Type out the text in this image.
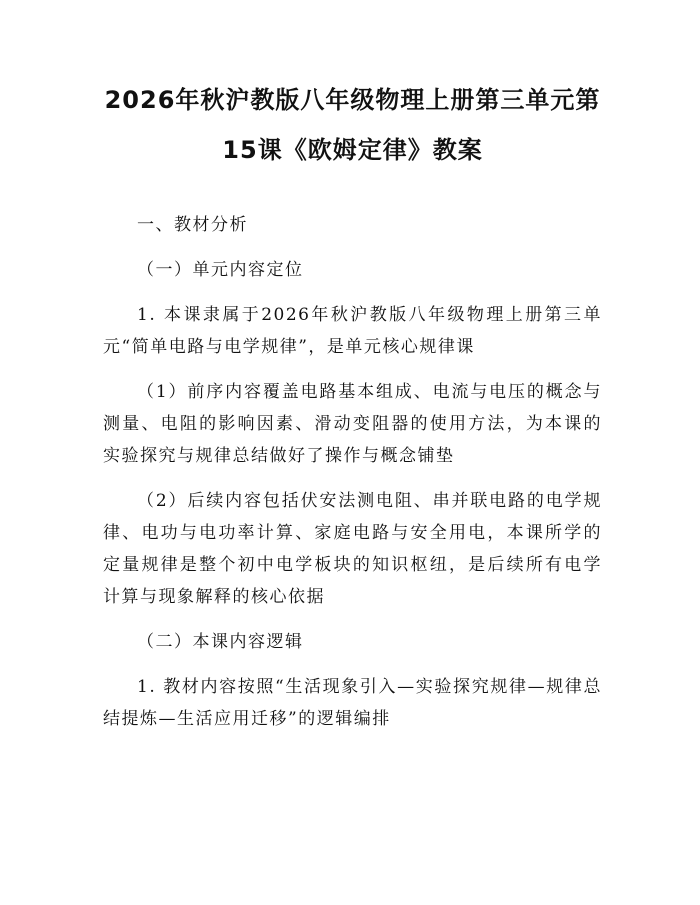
2026年秋沪教版八年级物理上册第三单元第
15课《欧姆定律》教案

一、教材分析

（一）单元内容定位

1. 本课隶属于2026年秋沪教版八年级物理上册第三单元“简单电路与电学规律”，是单元核心规律课

（1）前序内容覆盖电路基本组成、电流与电压的概念与测量、电阻的影响因素、滑动变阻器的使用方法，为本课的实验探究与规律总结做好了操作与概念铺垫

（2）后续内容包括伏安法测电阻、串并联电路的电学规律、电功与电功率计算、家庭电路与安全用电，本课所学的定量规律是整个初中电学板块的知识枢纽，是后续所有电学计算与现象解释的核心依据

（二）本课内容逻辑

1. 教材内容按照“生活现象引入—实验探究规律—规律总结提炼—生活应用迁移”的逻辑编排
